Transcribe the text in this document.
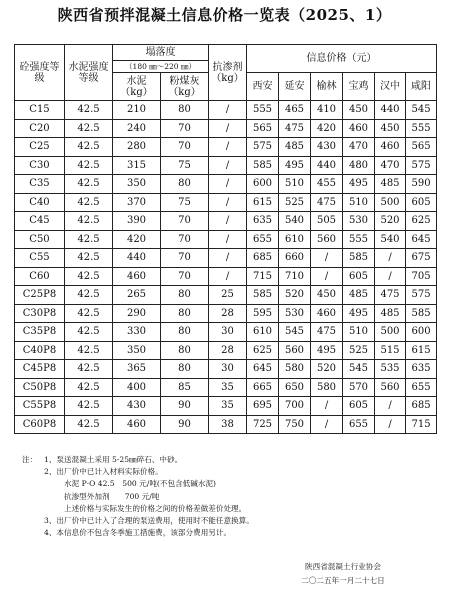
陕西省预拌混凝土信息价格一览表（2025、1）
砼强度等　级	水泥强度等级	塌落度		抗渗剂（kg）	信息价格（元）					
		（180 ㎜～220 ㎜）								
		水泥（kg）	粉煤灰（kg）		西安	延安	榆林	宝鸡	汉中	咸阳
C15	42.5	210	80	/	555	465	410	450	440	545
C20	42.5	240	70	/	565	475	420	460	450	555
C25	42.5	280	70	/	575	485	430	470	460	565
C30	42.5	315	75	/	585	495	440	480	470	575
C35	42.5	350	80	/	600	510	455	495	485	590
C40	42.5	370	75	/	615	525	475	510	500	605
C45	42.5	390	70	/	635	540	505	530	520	625
C50	42.5	420	70	/	655	610	560	555	540	645
C55	42.5	440	70	/	685	660	/	585	/	675
C60	42.5	460	70	/	715	710	/	605	/	705
C25P8	42.5	265	80	25	585	520	450	485	475	575
C30P8	42.5	290	80	28	595	530	460	495	485	585
C35P8	42.5	330	80	30	610	545	475	510	500	600
C40P8	42.5	350	80	28	625	560	495	525	515	615
C45P8	42.5	365	80	30	645	580	520	545	535	635
C50P8	42.5	400	85	35	665	650	580	570	560	655
C55P8	42.5	430	90	35	695	700	/	605	/	685
C60P8	42.5	460	90	38	725	750	/	655	/	715
注： 1、泵送混凝土采用 5-25㎜碎石、中砂。
2、出厂价中已计入材料实际价格。
水泥 P·O 42.5　500 元/吨(不包含低碱水泥)
抗渗型外加剂　　700 元/吨
上述价格与实际发生的价格之间的价格差做差价处理。
3、出厂价中已计入了合理的泵送费用，使用时不能任意换算。
4、本信息价不包含冬季施工措施费，该部分费用另计。
陕西省混凝土行业协会
二〇二五年一月二十七日
